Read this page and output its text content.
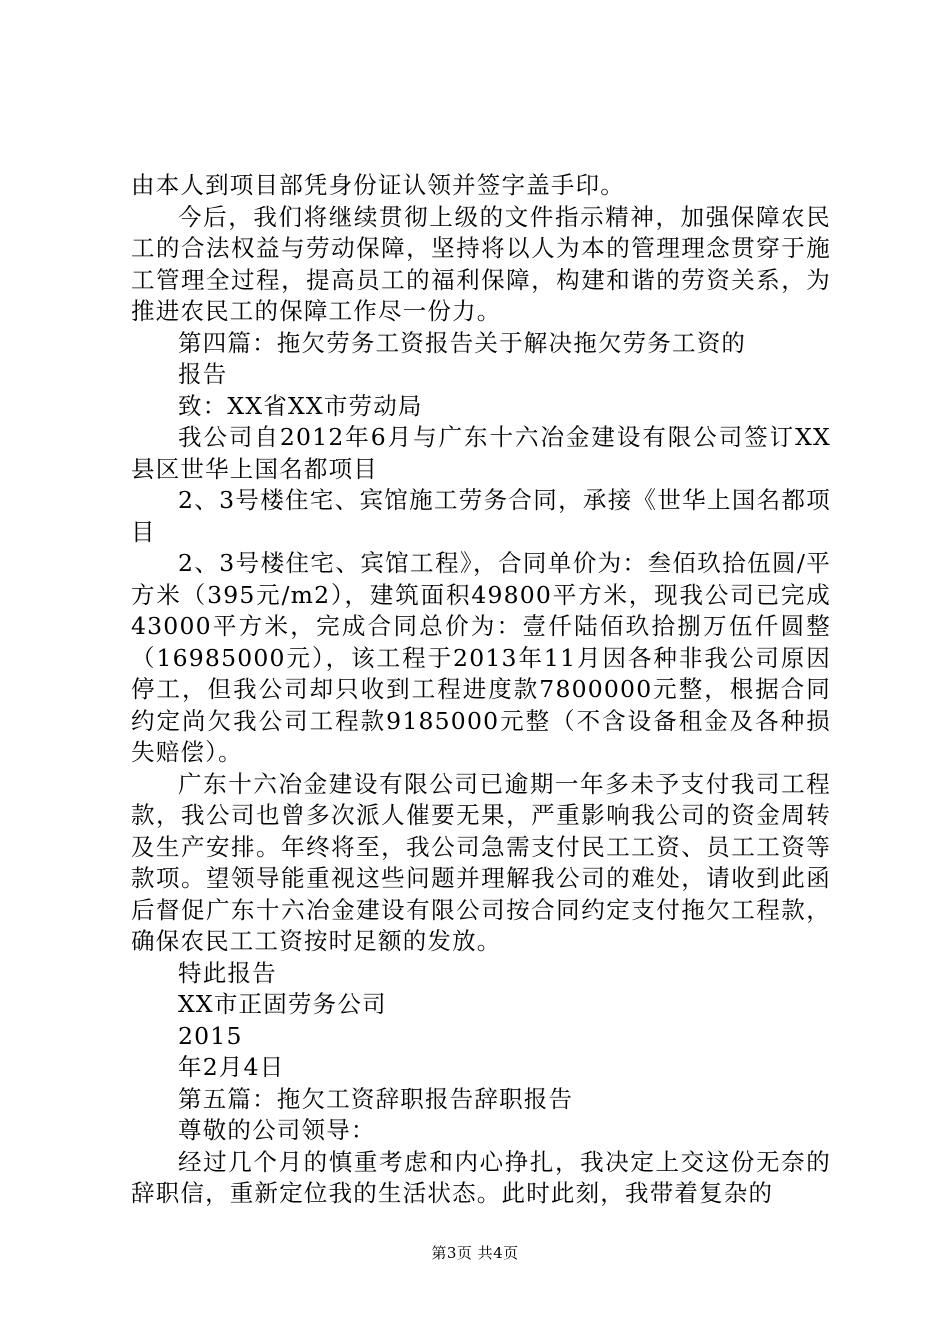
由本人到项目部凭身份证认领并签字盖手印。

今后，我们将继续贯彻上级的文件指示精神，加强保障农民工的合法权益与劳动保障，坚持将以人为本的管理理念贯穿于施工管理全过程，提高员工的福利保障，构建和谐的劳资关系，为推进农民工的保障工作尽一份力。

第四篇：拖欠劳务工资报告关于解决拖欠劳务工资的

报告

致：XX省XX市劳动局

我公司自2012年6月与广东十六冶金建设有限公司签订XX县区世华上国名都项目

2、3号楼住宅、宾馆施工劳务合同，承接《世华上国名都项目

2、3号楼住宅、宾馆工程》，合同单价为：叁佰玖拾伍圆/平方米（395元/m2），建筑面积49800平方米，现我公司已完成43000平方米，完成合同总价为：壹仟陆佰玖拾捌万伍仟圆整（16985000元），该工程于2013年11月因各种非我公司原因停工，但我公司却只收到工程进度款7800000元整，根据合同约定尚欠我公司工程款9185000元整（不含设备租金及各种损失赔偿）。

广东十六冶金建设有限公司已逾期一年多未予支付我司工程款，我公司也曾多次派人催要无果，严重影响我公司的资金周转及生产安排。年终将至，我公司急需支付民工工资、员工工资等款项。望领导能重视这些问题并理解我公司的难处，请收到此函后督促广东十六冶金建设有限公司按合同约定支付拖欠工程款，确保农民工工资按时足额的发放。

特此报告

XX市正固劳务公司

2015

年2月4日

第五篇：拖欠工资辞职报告辞职报告

尊敬的公司领导：

经过几个月的慎重考虑和内心挣扎，我决定上交这份无奈的辞职信，重新定位我的生活状态。此时此刻，我带着复杂的

第3页 共4页
